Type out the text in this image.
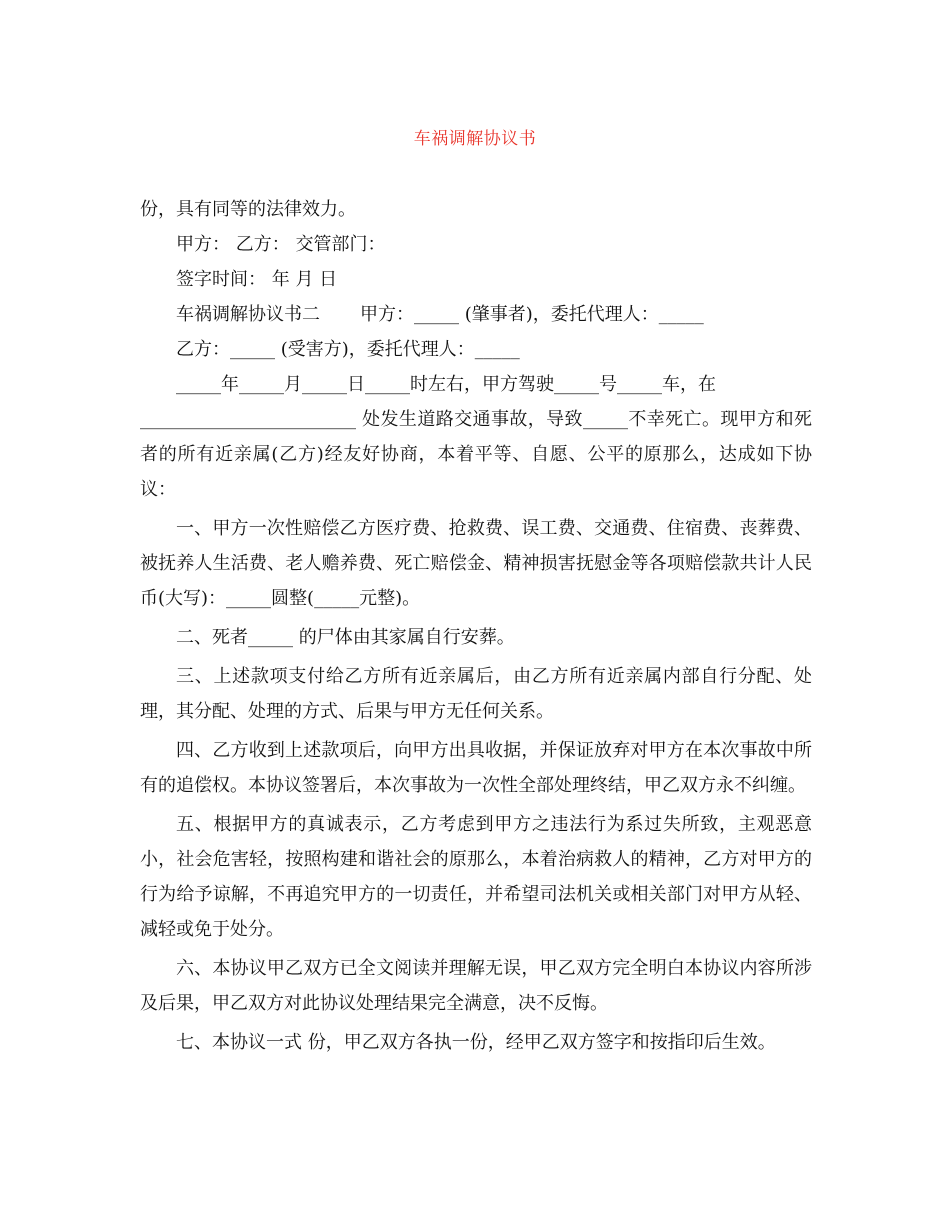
车祸调解协议书

份，具有同等的法律效力。

甲方： 乙方： 交管部门：

签字时间： 年 月 日

车祸调解协议书二 甲方：_____ (肇事者)，委托代理人：_____

乙方：_____ (受害方)，委托代理人：_____

_____年_____月_____日_____时左右，甲方驾驶_____号_____车，在

________________________ 处发生道路交通事故，导致_____不幸死亡。现甲方和死者的所有近亲属(乙方)经友好协商，本着平等、自愿、公平的原那么，达成如下协议：

一、甲方一次性赔偿乙方医疗费、抢救费、误工费、交通费、住宿费、丧葬费、被抚养人生活费、老人赡养费、死亡赔偿金、精神损害抚慰金等各项赔偿款共计人民币(大写)：_____圆整(_____元整)。

二、死者_____ 的尸体由其家属自行安葬。

三、上述款项支付给乙方所有近亲属后，由乙方所有近亲属内部自行分配、处理，其分配、处理的方式、后果与甲方无任何关系。

四、乙方收到上述款项后，向甲方出具收据，并保证放弃对甲方在本次事故中所有的追偿权。本协议签署后，本次事故为一次性全部处理终结，甲乙双方永不纠缠。

五、根据甲方的真诚表示，乙方考虑到甲方之违法行为系过失所致，主观恶意小，社会危害轻，按照构建和谐社会的原那么，本着治病救人的精神，乙方对甲方的行为给予谅解，不再追究甲方的一切责任，并希望司法机关或相关部门对甲方从轻、减轻或免于处分。

六、本协议甲乙双方已全文阅读并理解无误，甲乙双方完全明白本协议内容所涉及后果，甲乙双方对此协议处理结果完全满意，决不反悔。

七、本协议一式 份，甲乙双方各执一份，经甲乙双方签字和按指印后生效。
